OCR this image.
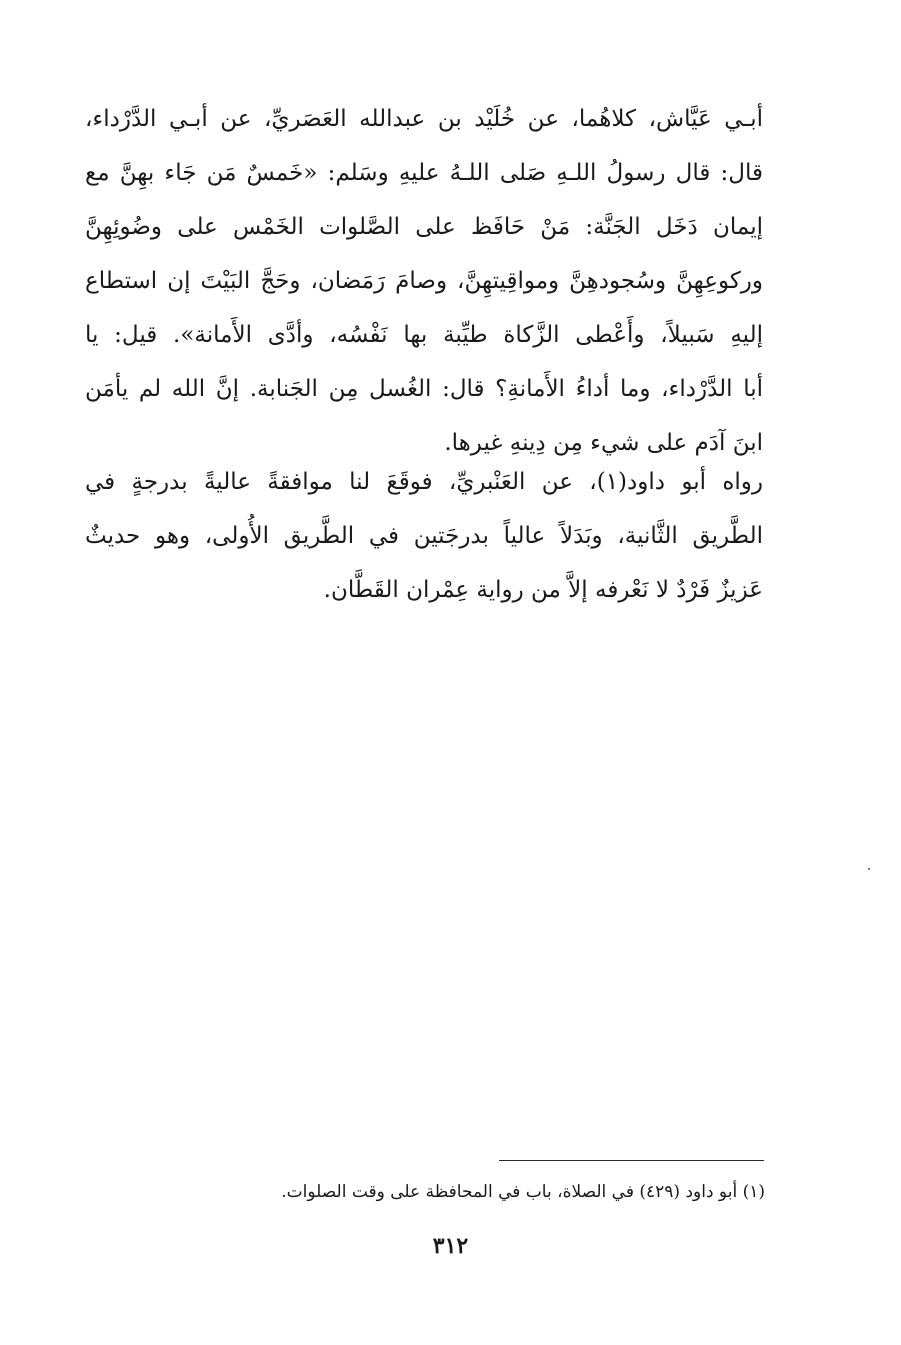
أبـي عَيَّاش، كلاهُما، عن خُلَيْد بن عبدالله العَصَريِّ، عن أبـي الدَّرْداء،
قال: قال رسولُ اللـهِ صَلى اللـهُ عليهِ وسَلم: «خَمسٌ مَن جَاء بهِنَّ مع
إيمان دَخَل الجَنَّة: مَنْ حَافَظ على الصَّلوات الخَمْس على وضُوئِهِنَّ
وركوعِهِنَّ وسُجودهِنَّ ومواقِيتهِنَّ، وصامَ رَمَضان، وحَجَّ البَيْتَ إن استطاع
إليهِ سَبيلاً، وأَعْطى الزَّكاة طيِّبة بها نَفْسُه، وأدَّى الأَمانة». قيل: يا
أبا الدَّرْداء، وما أداءُ الأَمانةِ؟ قال: الغُسل مِن الجَنابة. إنَّ الله لم يأمَن
ابنَ آدَم على شيء مِن دِينهِ غيرها.
رواه أبو داود(١)، عن العَنْبريِّ، فوقَعَ لنا موافقةً عاليةً بدرجةٍ في
الطَّريق الثَّانية، وبَدَلاً عالياً بدرجَتين في الطَّريق الأُولى، وهو حديثٌ
عَزيزٌ فَرْدٌ لا نَعْرفه إلاَّ من رواية عِمْران القَطَّان.
(١) أبو داود (٤٢٩) في الصلاة، باب في المحافظة على وقت الصلوات.
٣١٢
